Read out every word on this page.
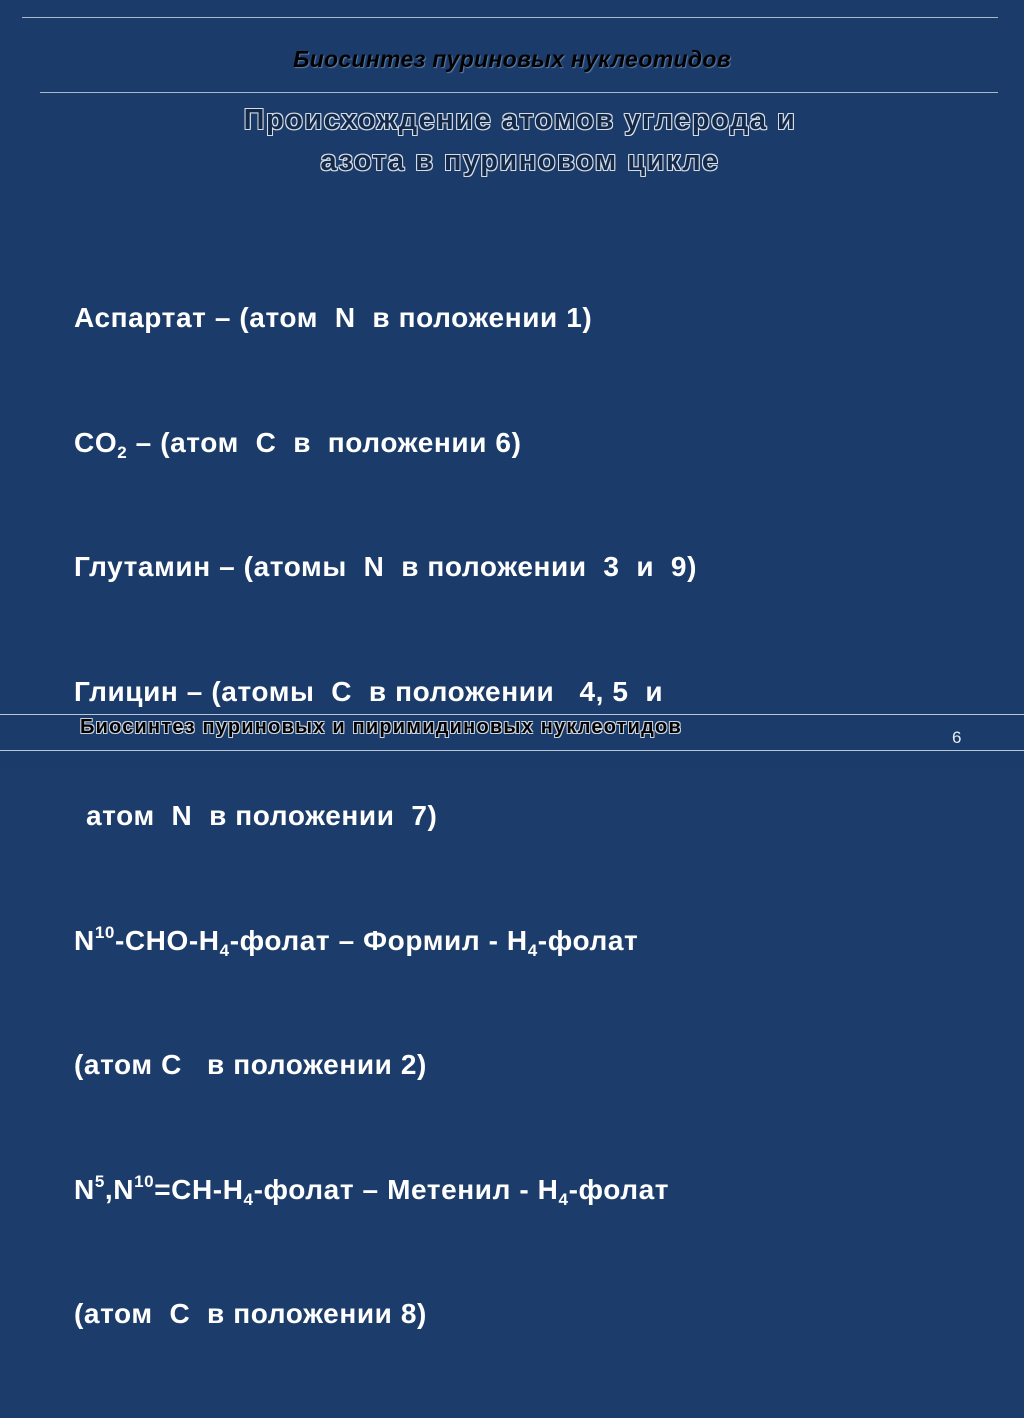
Биосинтез пуриновых нуклеотидов
Происхождение атомов углерода и
азота в пуриновом цикле

Аспартат – (атом  N  в положении 1)

$CO_2$ – (атом  C  в  положении 6)

Глутамин – (атомы  N  в положении  3  и  9)

Глицин – (атомы  C  в положении   4, 5  и

атом  N  в положении  7)

$N^{10}-CHO-H_4$-фолат – Формил - $H_4$-фолат

(атом C   в положении 2)

$N^5,N^{10}=CH-H_4$-фолат – Метенил - $H_4$-фолат

(атом  C  в положении 8)

Биосинтез пуриновых и пиримидиновых нуклеотидов	6
